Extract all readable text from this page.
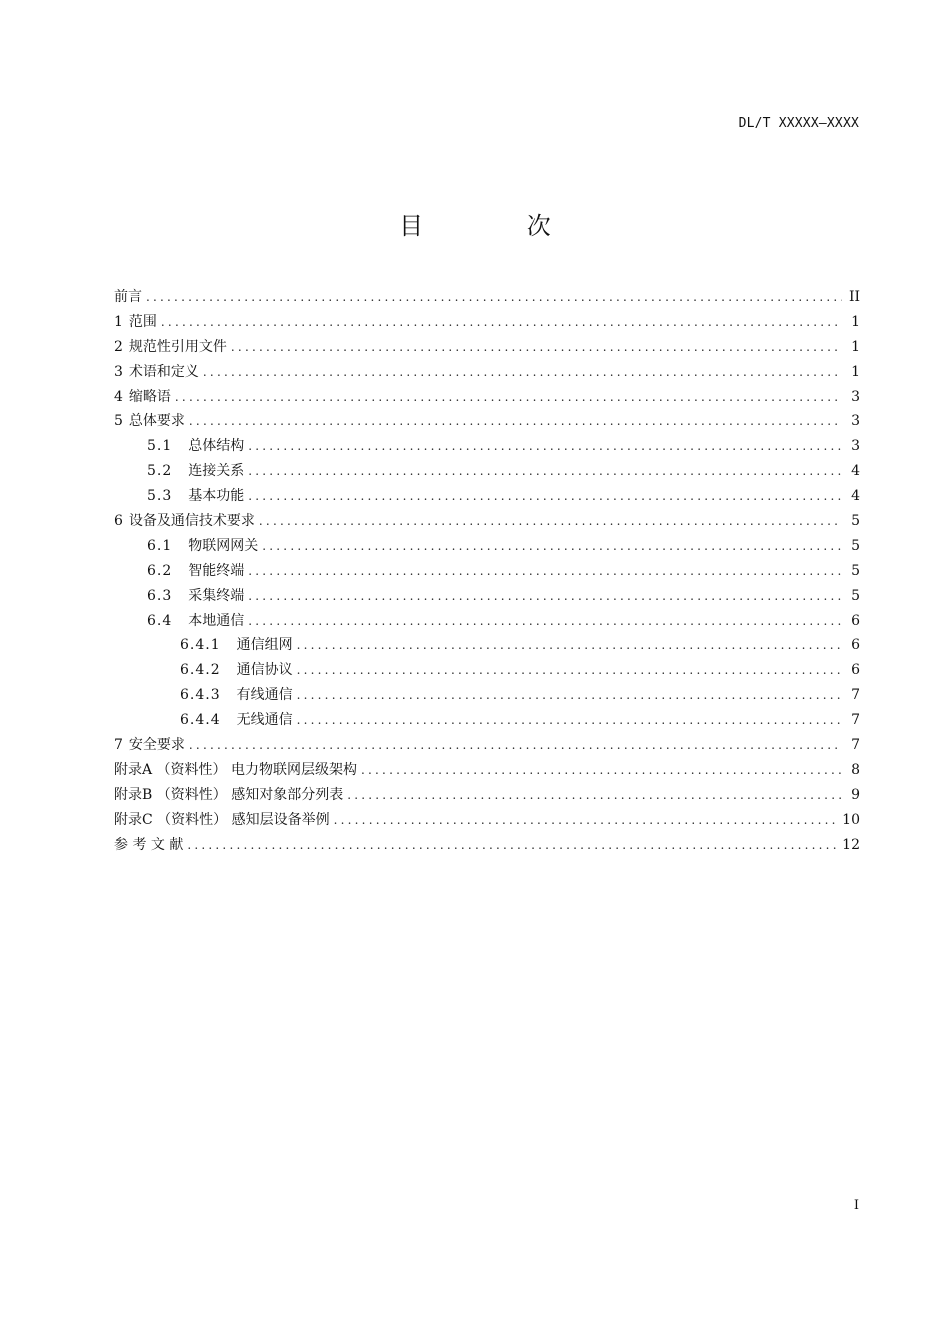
DL/T XXXXX—XXXX
目 次
前言 .....	II
1 范围 .....	1
2 规范性引用文件 .....	1
3 术语和定义 .....	1
4 缩略语 .....	3
5 总体要求 .....	3
5.1 总体结构 .....	3
5.2 连接关系 .....	4
5.3 基本功能 .....	4
6 设备及通信技术要求 .....	5
6.1 物联网网关 .....	5
6.2 智能终端 .....	5
6.3 采集终端 .....	5
6.4 本地通信 .....	6
6.4.1 通信组网 .....	6
6.4.2 通信协议 .....	6
6.4.3 有线通信 .....	7
6.4.4 无线通信 .....	7
7 安全要求 .....	7
附录A （资料性） 电力物联网层级架构 .....	8
附录B （资料性） 感知对象部分列表 .....	9
附录C （资料性） 感知层设备举例 .....	10
参 考 文 献 .....	12
I
